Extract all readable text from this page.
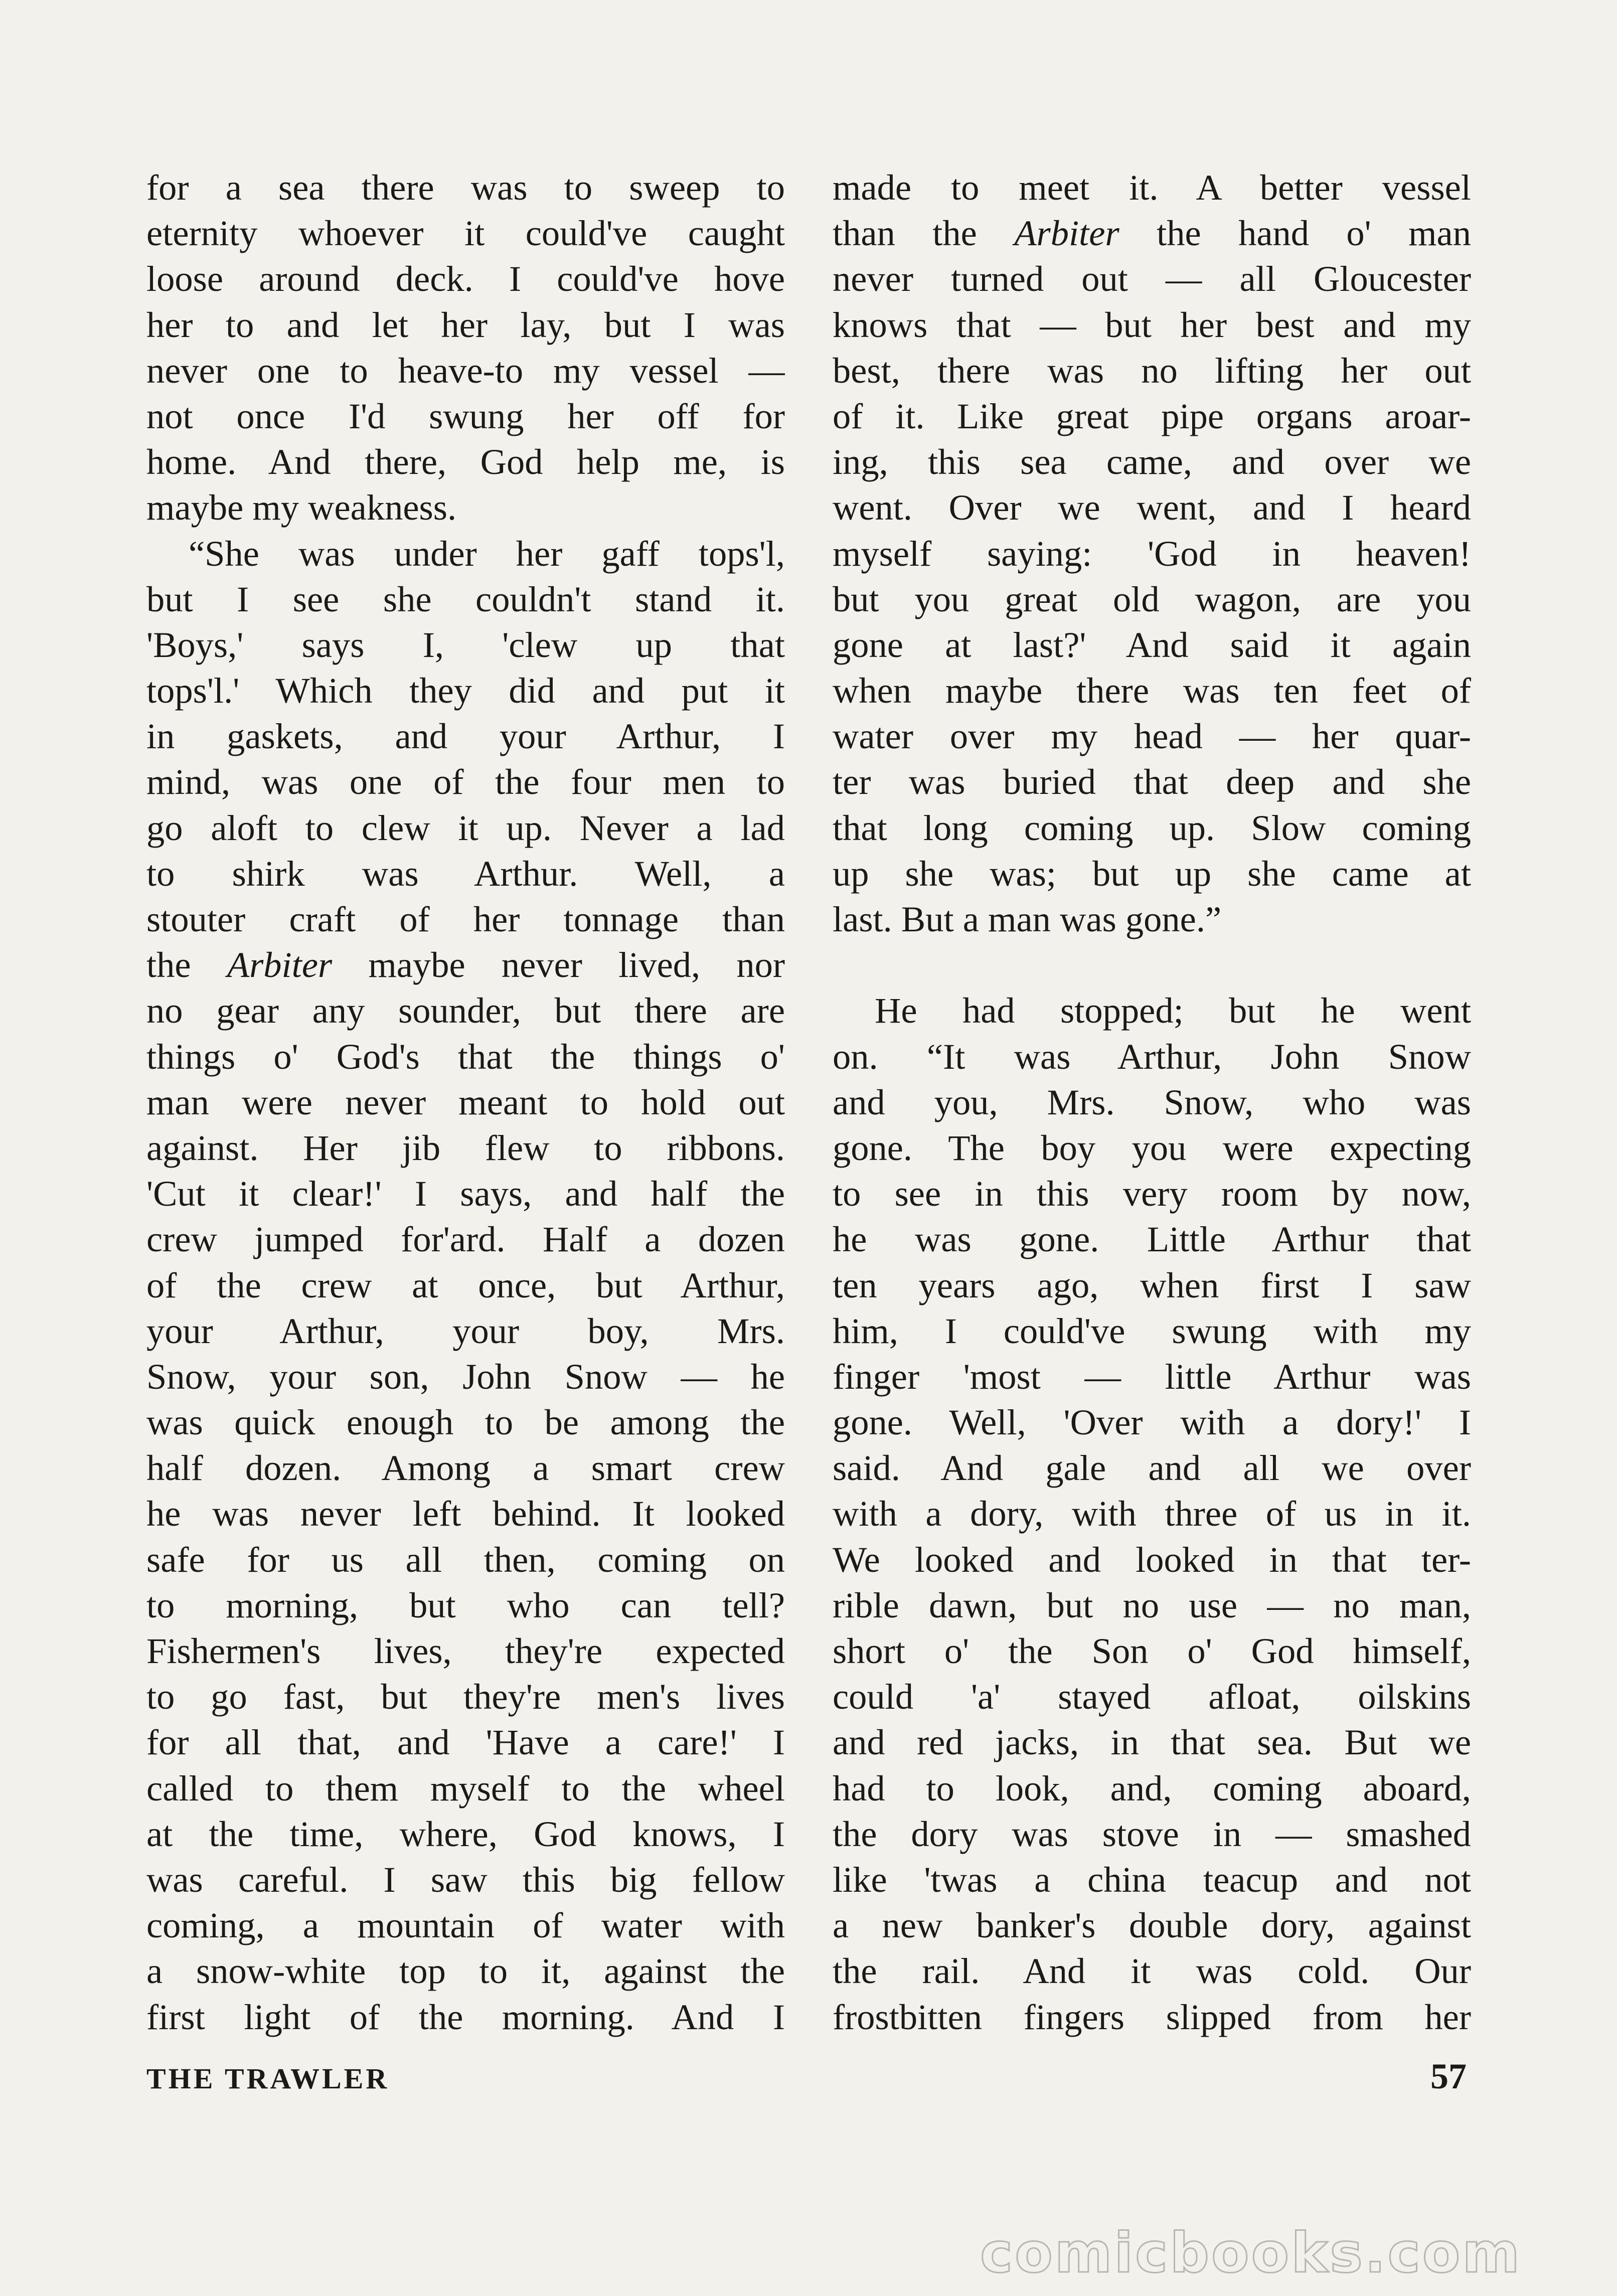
for a sea there was to sweep to
eternity whoever it could've caught
loose around deck. I could've hove
her to and let her lay, but I was
never one to heave-to my vessel —
not once I'd swung her off for
home. And there, God help me, is
maybe my weakness.
“She was under her gaff tops'l,
but I see she couldn't stand it.
'Boys,' says I, 'clew up that
tops'l.' Which they did and put it
in gaskets, and your Arthur, I
mind, was one of the four men to
go aloft to clew it up. Never a lad
to shirk was Arthur. Well, a
stouter craft of her tonnage than
the Arbiter maybe never lived, nor
no gear any sounder, but there are
things o' God's that the things o'
man were never meant to hold out
against. Her jib flew to ribbons.
'Cut it clear!' I says, and half the
crew jumped for'ard. Half a dozen
of the crew at once, but Arthur,
your Arthur, your boy, Mrs.
Snow, your son, John Snow — he
was quick enough to be among the
half dozen. Among a smart crew
he was never left behind. It looked
safe for us all then, coming on
to morning, but who can tell?
Fishermen's lives, they're expected
to go fast, but they're men's lives
for all that, and 'Have a care!' I
called to them myself to the wheel
at the time, where, God knows, I
was careful. I saw this big fellow
coming, a mountain of water with
a snow-white top to it, against the
first light of the morning. And I
made to meet it. A better vessel
than the Arbiter the hand o' man
never turned out — all Gloucester
knows that — but her best and my
best, there was no lifting her out
of it. Like great pipe organs aroar-
ing, this sea came, and over we
went. Over we went, and I heard
myself saying: 'God in heaven!
but you great old wagon, are you
gone at last?' And said it again
when maybe there was ten feet of
water over my head — her quar-
ter was buried that deep and she
that long coming up. Slow coming
up she was; but up she came at
last. But a man was gone.”
He had stopped; but he went
on. “It was Arthur, John Snow
and you, Mrs. Snow, who was
gone. The boy you were expecting
to see in this very room by now,
he was gone. Little Arthur that
ten years ago, when first I saw
him, I could've swung with my
finger 'most — little Arthur was
gone. Well, 'Over with a dory!' I
said. And gale and all we over
with a dory, with three of us in it.
We looked and looked in that ter-
rible dawn, but no use — no man,
short o' the Son o' God himself,
could 'a' stayed afloat, oilskins
and red jacks, in that sea. But we
had to look, and, coming aboard,
the dory was stove in — smashed
like 'twas a china teacup and not
a new banker's double dory, against
the rail. And it was cold. Our
frostbitten fingers slipped from her
THE TRAWLER	57
comicbooks.com
